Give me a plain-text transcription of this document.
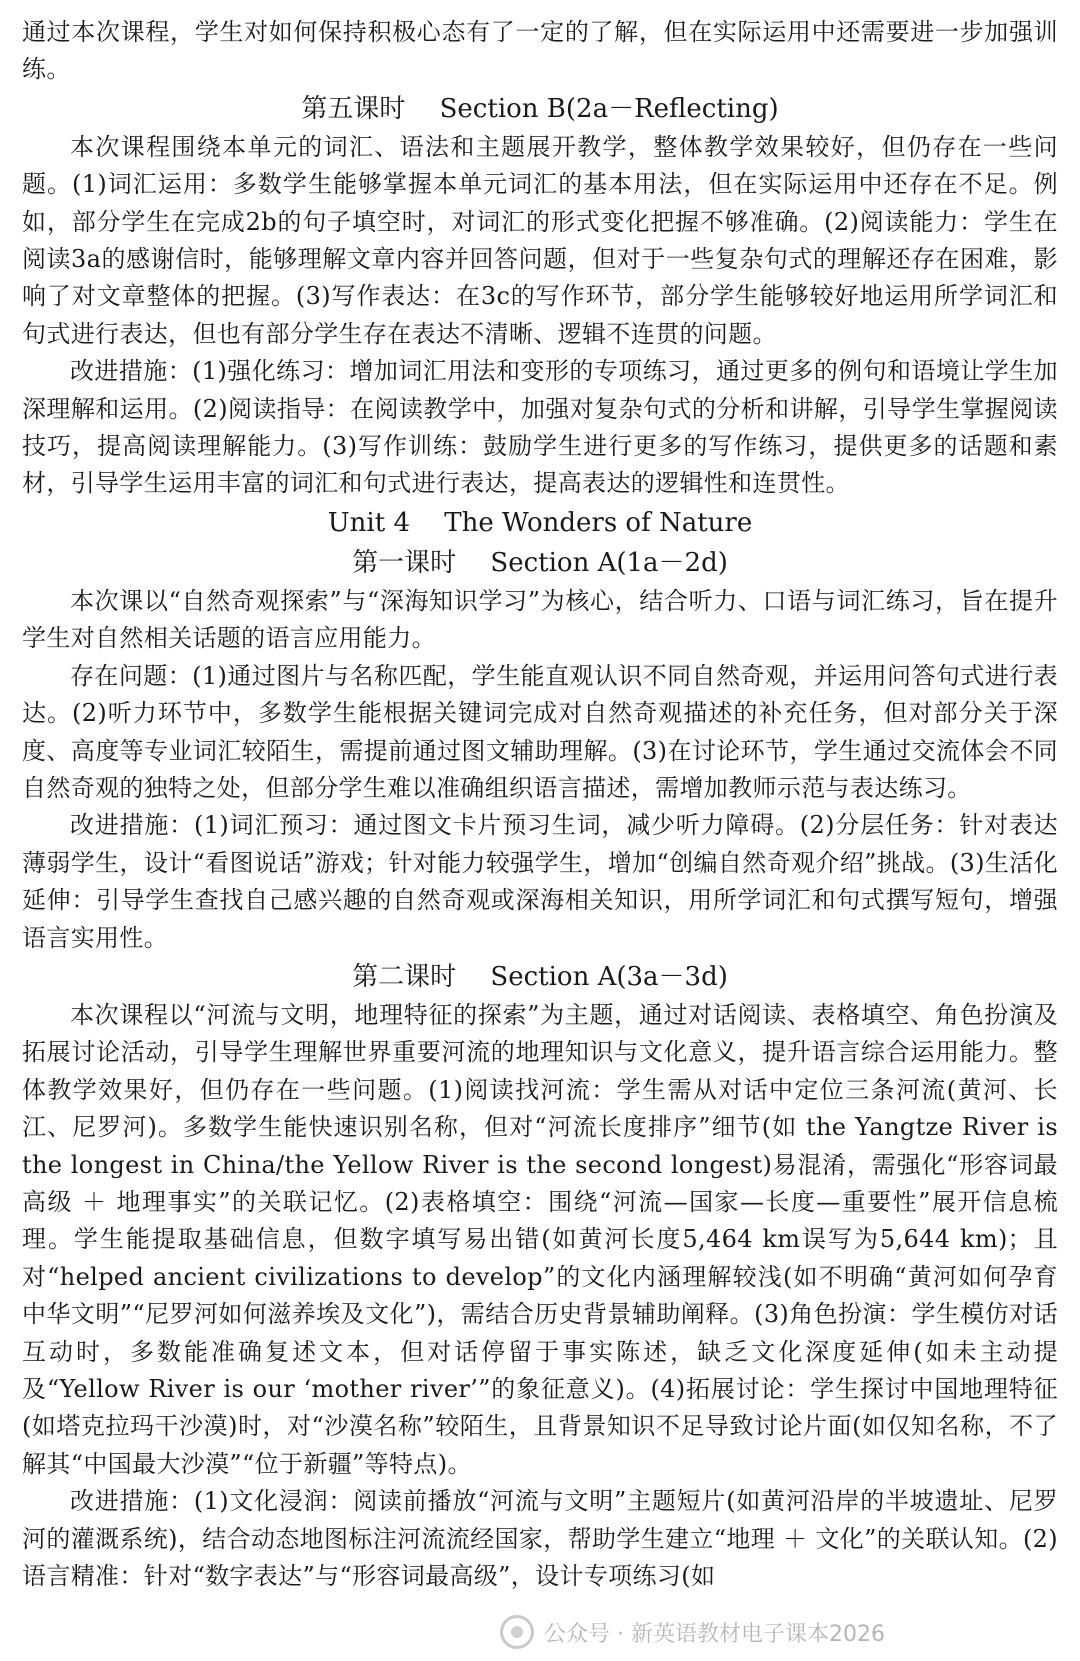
通过本次课程，学生对如何保持积极心态有了一定的了解，但在实际运用中还需要进一步加强训练。

第五课时　 Section B(2a－Reflecting)

本次课程围绕本单元的词汇、语法和主题展开教学，整体教学效果较好，但仍存在一些问题。(1)词汇运用：多数学生能够掌握本单元词汇的基本用法，但在实际运用中还存在不足。例如，部分学生在完成2b的句子填空时，对词汇的形式变化把握不够准确。(2)阅读能力：学生在阅读3a的感谢信时，能够理解文章内容并回答问题，但对于一些复杂句式的理解还存在困难，影响了对文章整体的把握。(3)写作表达：在3c的写作环节，部分学生能够较好地运用所学词汇和句式进行表达，但也有部分学生存在表达不清晰、逻辑不连贯的问题。

改进措施：(1)强化练习：增加词汇用法和变形的专项练习，通过更多的例句和语境让学生加深理解和运用。(2)阅读指导：在阅读教学中，加强对复杂句式的分析和讲解，引导学生掌握阅读技巧，提高阅读理解能力。(3)写作训练：鼓励学生进行更多的写作练习，提供更多的话题和素材，引导学生运用丰富的词汇和句式进行表达，提高表达的逻辑性和连贯性。

Unit 4　 The Wonders of Nature
第一课时　 Section A(1a－2d)

本次课以“自然奇观探索”与“深海知识学习”为核心，结合听力、口语与词汇练习，旨在提升学生对自然相关话题的语言应用能力。

存在问题：(1)通过图片与名称匹配，学生能直观认识不同自然奇观，并运用问答句式进行表达。(2)听力环节中，多数学生能根据关键词完成对自然奇观描述的补充任务，但对部分关于深度、高度等专业词汇较陌生，需提前通过图文辅助理解。(3)在讨论环节，学生通过交流体会不同自然奇观的独特之处，但部分学生难以准确组织语言描述，需增加教师示范与表达练习。

改进措施：(1)词汇预习：通过图文卡片预习生词，减少听力障碍。(2)分层任务：针对表达薄弱学生，设计“看图说话”游戏；针对能力较强学生，增加“创编自然奇观介绍”挑战。(3)生活化延伸：引导学生查找自己感兴趣的自然奇观或深海相关知识，用所学词汇和句式撰写短句，增强语言实用性。

第二课时　 Section A(3a－3d)

本次课程以“河流与文明，地理特征的探索”为主题，通过对话阅读、表格填空、角色扮演及拓展讨论活动，引导学生理解世界重要河流的地理知识与文化意义，提升语言综合运用能力。整体教学效果好，但仍存在一些问题。(1)阅读找河流：学生需从对话中定位三条河流(黄河、长江、尼罗河)。多数学生能快速识别名称，但对“河流长度排序”细节(如 the Yangtze River is the longest in China/the Yellow River is the second longest)易混淆，需强化“形容词最高级 ＋ 地理事实”的关联记忆。(2)表格填空：围绕“河流—国家—长度—重要性”展开信息梳理。学生能提取基础信息，但数字填写易出错(如黄河长度5,464 km误写为5,644 km)；且对“helped ancient civilizations to develop”的文化内涵理解较浅(如不明确“黄河如何孕育中华文明”“尼罗河如何滋养埃及文化”)，需结合历史背景辅助阐释。(3)角色扮演：学生模仿对话互动时，多数能准确复述文本，但对话停留于事实陈述，缺乏文化深度延伸(如未主动提及“Yellow River is our ‘mother river’”的象征意义)。(4)拓展讨论：学生探讨中国地理特征(如塔克拉玛干沙漠)时，对“沙漠名称”较陌生，且背景知识不足导致讨论片面(如仅知名称，不了解其“中国最大沙漠”“位于新疆”等特点)。

改进措施：(1)文化浸润：阅读前播放“河流与文明”主题短片(如黄河沿岸的半坡遗址、尼罗河的灌溉系统)，结合动态地图标注河流流经国家，帮助学生建立“地理 ＋ 文化”的关联认知。(2)语言精准：针对“数字表达”与“形容词最高级”，设计专项练习(如

公众号 · 新英语教材电子课本2026
